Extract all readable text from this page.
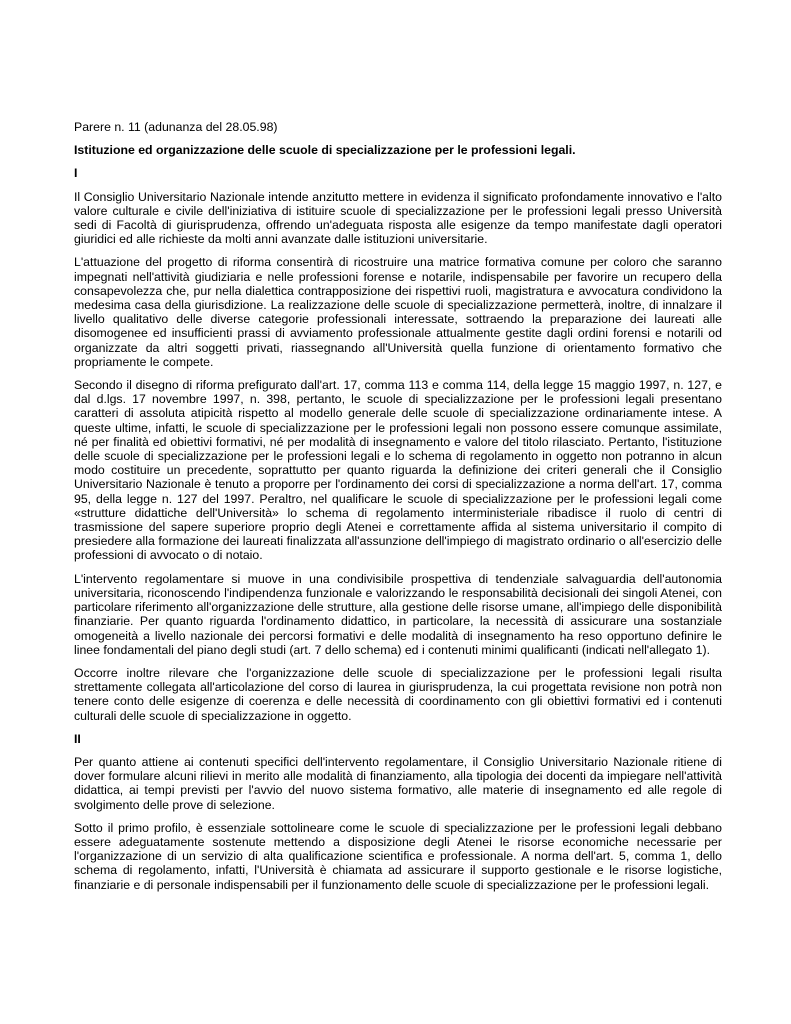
Parere n. 11 (adunanza del 28.05.98)
Istituzione ed organizzazione delle scuole di specializzazione per le professioni legali.
I

Il Consiglio Universitario Nazionale intende anzitutto mettere in evidenza il significato profondamente innovativo e l'alto valore culturale e civile dell'iniziativa di istituire scuole di specializzazione per le professioni legali presso Università sedi di Facoltà di giurisprudenza, offrendo un'adeguata risposta alle esigenze da tempo manifestate dagli operatori giuridici ed alle richieste da molti anni avanzate dalle istituzioni universitarie.

L'attuazione del progetto di riforma consentirà di ricostruire una matrice formativa comune per coloro che saranno impegnati nell'attività giudiziaria e nelle professioni forense e notarile, indispensabile per favorire un recupero della consapevolezza che, pur nella dialettica contrapposizione dei rispettivi ruoli, magistratura e avvocatura condividono la medesima casa della giurisdizione. La realizzazione delle scuole di specializzazione permetterà, inoltre, di innalzare il livello qualitativo delle diverse categorie professionali interessate, sottraendo la preparazione dei laureati alle disomogenee ed insufficienti prassi di avviamento professionale attualmente gestite dagli ordini forensi e notarili od organizzate da altri soggetti privati, riassegnando all'Università quella funzione di orientamento formativo che propriamente le compete.

Secondo il disegno di riforma prefigurato dall'art. 17, comma 113 e comma 114, della legge 15 maggio 1997, n. 127, e dal d.lgs. 17 novembre 1997, n. 398, pertanto, le scuole di specializzazione per le professioni legali presentano caratteri di assoluta atipicità rispetto al modello generale delle scuole di specializzazione ordinariamente intese. A queste ultime, infatti, le scuole di specializzazione per le professioni legali non possono essere comunque assimilate, né per finalità ed obiettivi formativi, né per modalità di insegnamento e valore del titolo rilasciato. Pertanto, l'istituzione delle scuole di specializzazione per le professioni legali e lo schema di regolamento in oggetto non potranno in alcun modo costituire un precedente, soprattutto per quanto riguarda la definizione dei criteri generali che il Consiglio Universitario Nazionale è tenuto a proporre per l'ordinamento dei corsi di specializzazione a norma dell'art. 17, comma 95, della legge n. 127 del 1997. Peraltro, nel qualificare le scuole di specializzazione per le professioni legali come «strutture didattiche dell'Università» lo schema di regolamento interministeriale ribadisce il ruolo di centri di trasmissione del sapere superiore proprio degli Atenei e correttamente affida al sistema universitario il compito di presiedere alla formazione dei laureati finalizzata all'assunzione dell'impiego di magistrato ordinario o all'esercizio delle professioni di avvocato o di notaio.

L'intervento regolamentare si muove in una condivisibile prospettiva di tendenziale salvaguardia dell'autonomia universitaria, riconoscendo l'indipendenza funzionale e valorizzando le responsabilità decisionali dei singoli Atenei, con particolare riferimento all'organizzazione delle strutture, alla gestione delle risorse umane, all'impiego delle disponibilità finanziarie. Per quanto riguarda l'ordinamento didattico, in particolare, la necessità di assicurare una sostanziale omogeneità a livello nazionale dei percorsi formativi e delle modalità di insegnamento ha reso opportuno definire le linee fondamentali del piano degli studi (art. 7 dello schema) ed i contenuti minimi qualificanti (indicati nell'allegato 1).

Occorre inoltre rilevare che l'organizzazione delle scuole di specializzazione per le professioni legali risulta strettamente collegata all'articolazione del corso di laurea in giurisprudenza, la cui progettata revisione non potrà non tenere conto delle esigenze di coerenza e delle necessità di coordinamento con gli obiettivi formativi ed i contenuti culturali delle scuole di specializzazione in oggetto.

II

Per quanto attiene ai contenuti specifici dell'intervento regolamentare, il Consiglio Universitario Nazionale ritiene di dover formulare alcuni rilievi in merito alle modalità di finanziamento, alla tipologia dei docenti da impiegare nell'attività didattica, ai tempi previsti per l'avvio del nuovo sistema formativo, alle materie di insegnamento ed alle regole di svolgimento delle prove di selezione.

Sotto il primo profilo, è essenziale sottolineare come le scuole di specializzazione per le professioni legali debbano essere adeguatamente sostenute mettendo a disposizione degli Atenei le risorse economiche necessarie per l'organizzazione di un servizio di alta qualificazione scientifica e professionale. A norma dell'art. 5, comma 1, dello schema di regolamento, infatti, l'Università è chiamata ad assicurare il supporto gestionale e le risorse logistiche, finanziarie e di personale indispensabili per il funzionamento delle scuole di specializzazione per le professioni legali.
